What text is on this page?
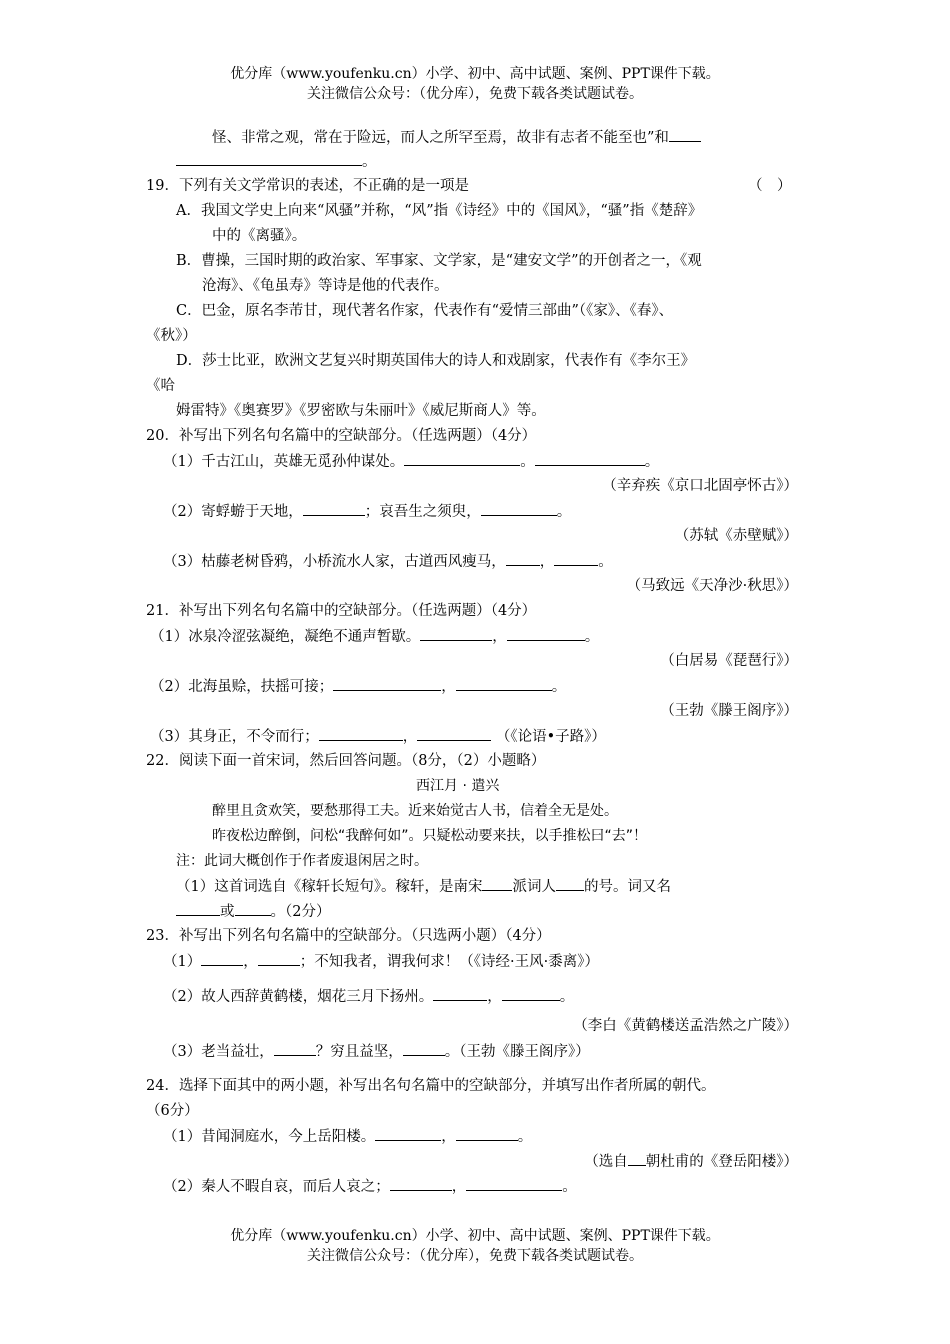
优分库（www.youfenku.cn）小学、初中、高中试题、案例、PPT课件下载。
关注微信公众号：（优分库），免费下载各类试题试卷。
怪、非常之观，常在于险远，而人之所罕至焉，故非有志者不能至也”和
。
19．下列有关文学常识的表述，不正确的是一项是	（　）
A．我国文学史上向来“风骚”并称，“风”指《诗经》中的《国风》，“骚”指《楚辞》
中的《离骚》。
B．曹操，三国时期的政治家、军事家、文学家，是“建安文学”的开创者之一，《观
沧海》、《龟虽寿》等诗是他的代表作。
C．巴金，原名李芾甘，现代著名作家，代表作有“爱情三部曲”（《家》、《春》、
《秋》）
D．莎士比亚，欧洲文艺复兴时期英国伟大的诗人和戏剧家，代表作有《李尔王》
《哈
姆雷特》《奥赛罗》《罗密欧与朱丽叶》《威尼斯商人》等。
20．补写出下列名句名篇中的空缺部分。（任选两题）（4分）
（1）千古江山，英雄无觅孙仲谋处。	。	。
（辛弃疾《京口北固亭怀古》）
（2）寄蜉蝣于天地，	；哀吾生之须臾，	。
（苏轼《赤壁赋》）
（3）枯藤老树昏鸦，小桥流水人家，古道西风瘦马， ，	。
（马致远《天净沙·秋思》）
21．补写出下列名句名篇中的空缺部分。（任选两题）（4分）
（1）冰泉冷涩弦凝绝，凝绝不通声暂歇。	，	。
（白居易《琵琶行》）
（2）北海虽赊，扶摇可接；	，	。
（王勃《滕王阁序》）
（3）其身正，不令而行；	，	（《论语•子路》）
22．阅读下面一首宋词，然后回答问题。（8分，（2）小题略）
西江月 · 遣兴
醉里且贪欢笑，要愁那得工夫。近来始觉古人书，信着全无是处。
昨夜松边醉倒，问松“我醉何如”。只疑松动要来扶，以手推松曰“去”！
注：此词大概创作于作者废退闲居之时。
（1）这首词选自《稼轩长短句》。稼轩，是南宋 派词人 的号。词又名
或 。（2分）
23．补写出下列名句名篇中的空缺部分。（只选两小题）（4分）
（1）	，	；不知我者，谓我何求！（《诗经·王风·黍离》）
（2）故人西辞黄鹤楼，烟花三月下扬州。	，	。
（李白《黄鹤楼送孟浩然之广陵》）
（3）老当益壮，	？穷且益坚，	。（王勃《滕王阁序》）
24．选择下面其中的两小题，补写出名句名篇中的空缺部分，并填写出作者所属的朝代。
（6分）
（1）昔闻洞庭水，今上岳阳楼。	，	。
（选自 朝杜甫的《登岳阳楼》）
（2）秦人不暇自哀，而后人哀之；	，	。
优分库（www.youfenku.cn）小学、初中、高中试题、案例、PPT课件下载。
关注微信公众号：（优分库），免费下载各类试题试卷。
